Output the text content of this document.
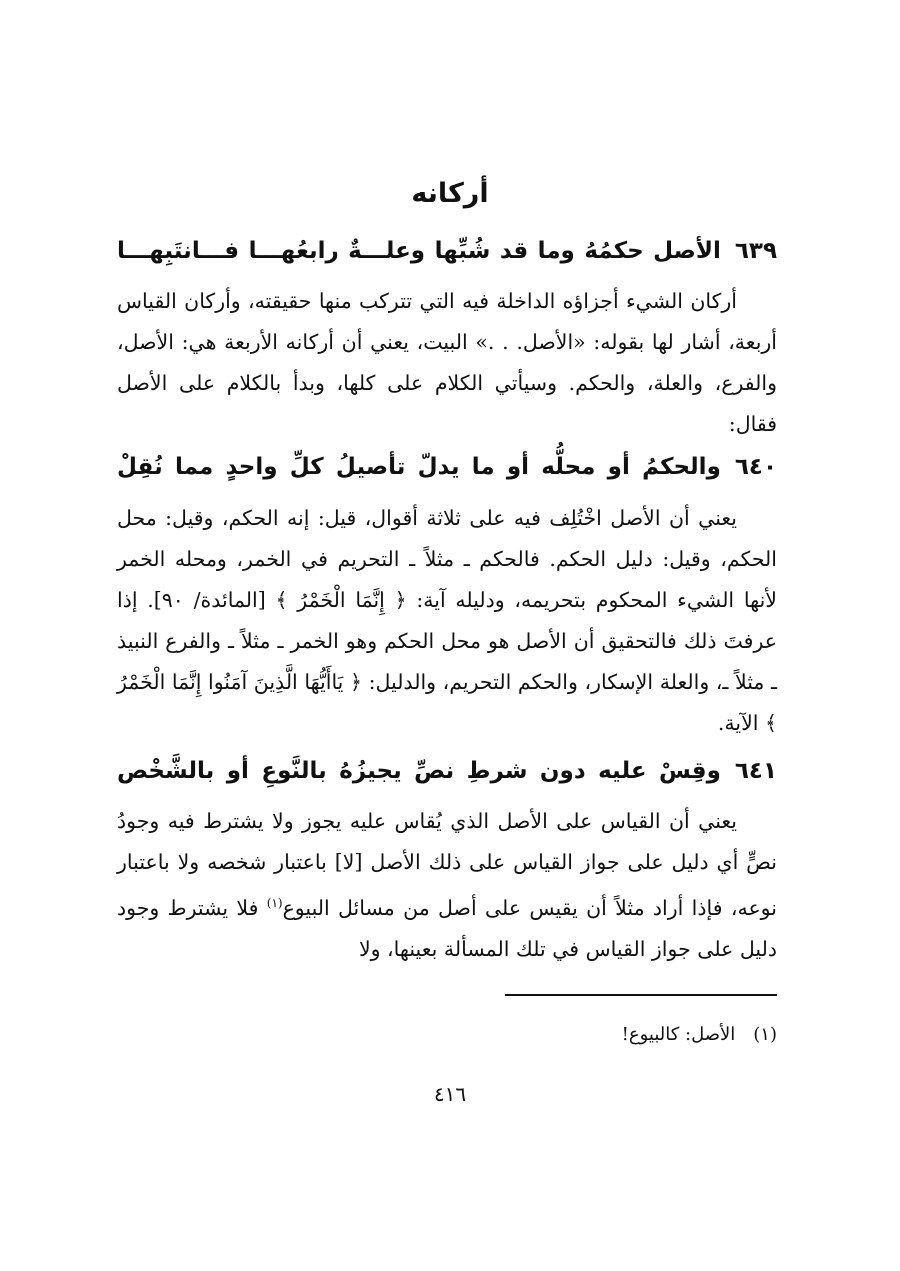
أركانه
٦٣٩الأصل حكمُهُ وما قد شُبِّها وعلـــةٌ رابعُهـــا فـــانتَبِهـــا
أركان الشيء أجزاؤه الداخلة فيه التي تتركب منها حقيقته، وأركان القياس أربعة، أشار لها بقوله: «الأصل. . .» البيت، يعني أن أركانه الأربعة هي: الأصل، والفرع، والعلة، والحكم. وسيأتي الكلام على كلها، وبدأ بالكلام على الأصل فقال:
٦٤٠والحكمُ أو محلُّه أو ما يدلّ تأصيلُ كلِّ واحدٍ مما نُقِلْ
يعني أن الأصل اخْتُلِف فيه على ثلاثة أقوال، قيل: إنه الحكم، وقيل: محل الحكم، وقيل: دليل الحكم. فالحكم ـ مثلاً ـ التحريم في الخمر، ومحله الخمر لأنها الشيء المحكوم بتحريمه، ودليله آية: ﴿ إِنَّمَا الْخَمْرُ ﴾ [المائدة/ ٩٠]. إذا عرفتَ ذلك فالتحقيق أن الأصل هو محل الحكم وهو الخمر ـ مثلاً ـ والفرع النبيذ ـ مثلاً ـ، والعلة الإسكار، والحكم التحريم، والدليل: ﴿ يَاأَيُّهَا الَّذِينَ آمَنُوا إِنَّمَا الْخَمْرُ ﴾ الآية.
٦٤١وقِسْ عليه دون شرطِ نصِّ يجيزُهُ بالنَّوعِ أو بالشَّخْص
يعني أن القياس على الأصل الذي يُقاس عليه يجوز ولا يشترط فيه وجودُ نصٍّ أي دليل على جواز القياس على ذلك الأصل [لا] باعتبار شخصه ولا باعتبار نوعه، فإذا أراد مثلاً أن يقيس على أصل من مسائل البيوع$^{(١)}$ فلا يشترط وجود دليل على جواز القياس في تلك المسألة بعينها، ولا
(١)الأصل: كالبيوع!
٤١٦
